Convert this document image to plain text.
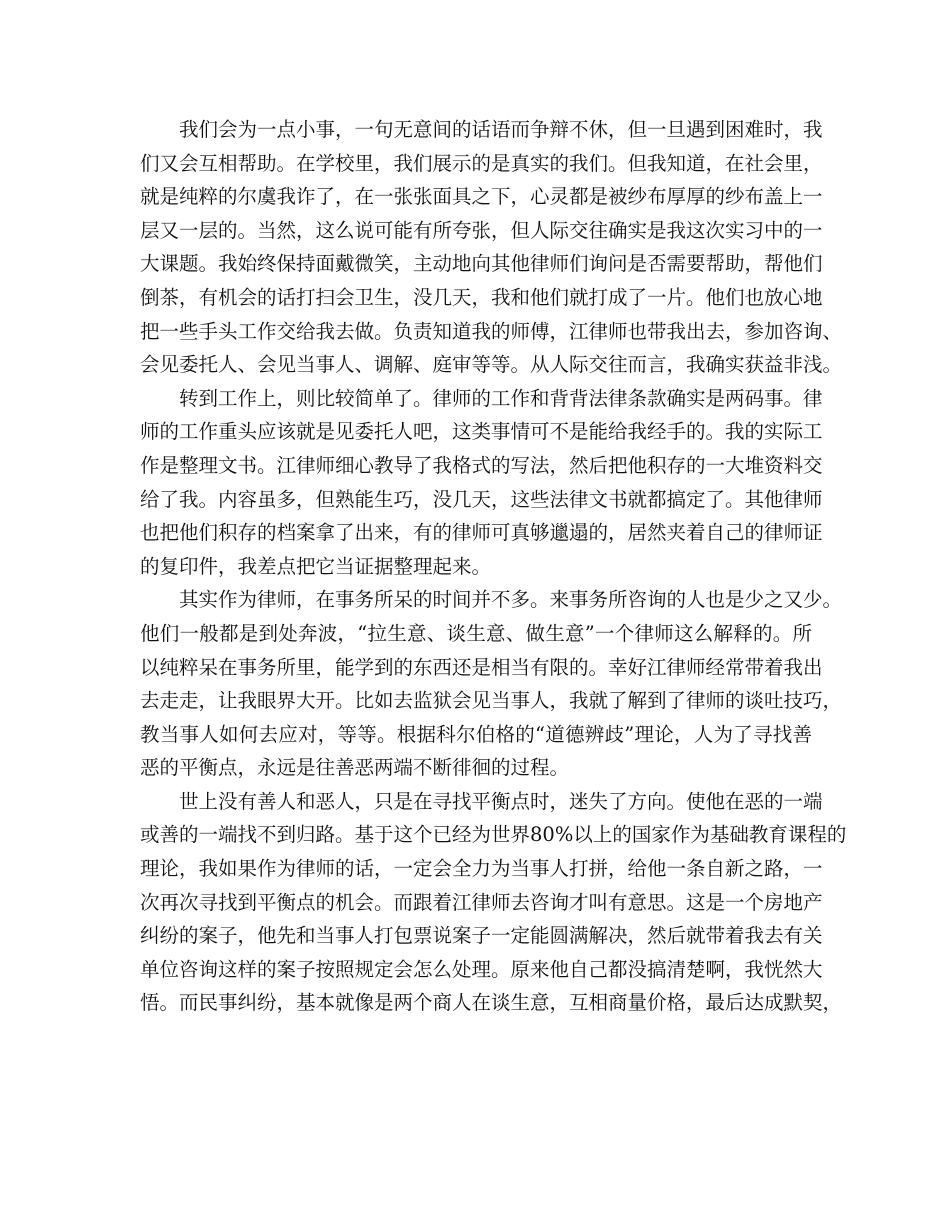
我们会为一点小事，一句无意间的话语而争辩不休，但一旦遇到困难时，我
们又会互相帮助。在学校里，我们展示的是真实的我们。但我知道，在社会里，
就是纯粹的尔虞我诈了，在一张张面具之下，心灵都是被纱布厚厚的纱布盖上一
层又一层的。当然，这么说可能有所夸张，但人际交往确实是我这次实习中的一
大课题。我始终保持面戴微笑，主动地向其他律师们询问是否需要帮助，帮他们
倒茶，有机会的话打扫会卫生，没几天，我和他们就打成了一片。他们也放心地
把一些手头工作交给我去做。负责知道我的师傅，江律师也带我出去，参加咨询、
会见委托人、会见当事人、调解、庭审等等。从人际交往而言，我确实获益非浅。
转到工作上，则比较简单了。律师的工作和背背法律条款确实是两码事。律
师的工作重头应该就是见委托人吧，这类事情可不是能给我经手的。我的实际工
作是整理文书。江律师细心教导了我格式的写法，然后把他积存的一大堆资料交
给了我。内容虽多，但熟能生巧，没几天，这些法律文书就都搞定了。其他律师
也把他们积存的档案拿了出来，有的律师可真够邋遢的，居然夹着自己的律师证
的复印件，我差点把它当证据整理起来。
其实作为律师，在事务所呆的时间并不多。来事务所咨询的人也是少之又少。
他们一般都是到处奔波，“拉生意、谈生意、做生意”一个律师这么解释的。所
以纯粹呆在事务所里，能学到的东西还是相当有限的。幸好江律师经常带着我出
去走走，让我眼界大开。比如去监狱会见当事人，我就了解到了律师的谈吐技巧，
教当事人如何去应对，等等。根据科尔伯格的“道德辨歧”理论，人为了寻找善
恶的平衡点，永远是往善恶两端不断徘徊的过程。
世上没有善人和恶人，只是在寻找平衡点时，迷失了方向。使他在恶的一端
或善的一端找不到归路。基于这个已经为世界80%以上的国家作为基础教育课程的
理论，我如果作为律师的话，一定会全力为当事人打拼，给他一条自新之路，一
次再次寻找到平衡点的机会。而跟着江律师去咨询才叫有意思。这是一个房地产
纠纷的案子，他先和当事人打包票说案子一定能圆满解决，然后就带着我去有关
单位咨询这样的案子按照规定会怎么处理。原来他自己都没搞清楚啊，我恍然大
悟。而民事纠纷，基本就像是两个商人在谈生意，互相商量价格，最后达成默契，
